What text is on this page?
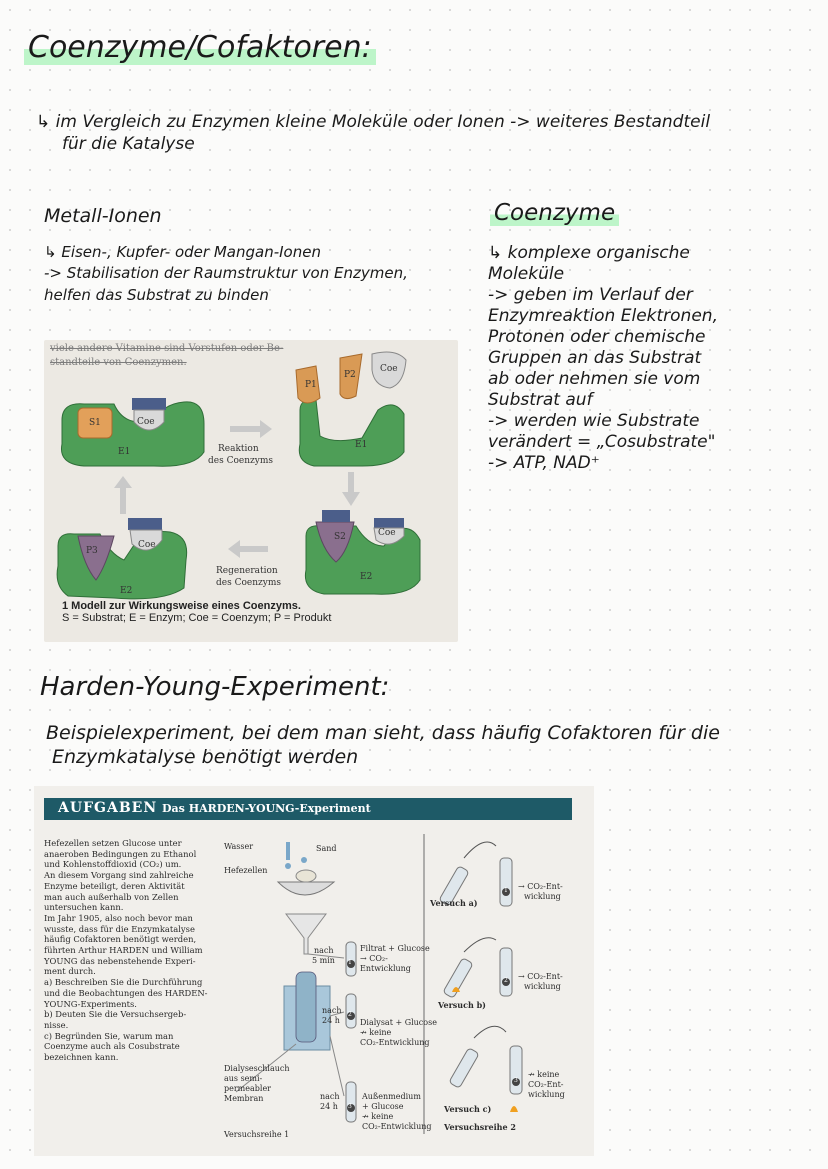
Coenzyme/Cofaktoren:
↳ im Vergleich zu Enzymen kleine Moleküle oder Ionen -> weiteres Bestandteil
für die Katalyse
Metall-Ionen
↳ Eisen-, Kupfer- oder Mangan-Ionen
-> Stabilisation der Raumstruktur von Enzymen,
helfen das Substrat zu binden
Coenzyme
↳ komplexe organische
Moleküle
-> geben im Verlauf der
Enzymreaktion Elektronen,
Protonen oder chemische
Gruppen an das Substrat
ab oder nehmen sie vom
Substrat auf
-> werden wie Substrate
verändert = „Cosubstrate"
-> ATP, NAD⁺
viele andere Vitamine sind Vorstufen oder Be-
standteile von Coenzymen.
S1	Coe
E1
P1
P2
Coe
E1
Reaktion
des Coenzyms
P3
Coe
E2
S2	Coe
E2
Regeneration
des Coenzyms
1 Modell zur Wirkungsweise eines Coenzyms.
S = Substrat; E = Enzym; Coe = Coenzym; P = Produkt
Harden-Young-Experiment:
Beispielexperiment, bei dem man sieht, dass häufig Cofaktoren für die
Enzymkatalyse benötigt werden
AUFGABEN Das HARDEN-YOUNG-Experiment
Hefezellen setzen Glucose unter
anaeroben Bedingungen zu Ethanol
und Kohlenstoffdioxid (CO₂) um.
An diesem Vorgang sind zahlreiche
Enzyme beteiligt, deren Aktivität
man auch außerhalb von Zellen
untersuchen kann.
Im Jahr 1905, also noch bevor man
wusste, dass für die Enzymkatalyse
häufig Cofaktoren benötigt werden,
führten Arthur HARDEN und William
YOUNG das nebenstehende Experi-
ment durch.
a) Beschreiben Sie die Durchführung
und die Beobachtungen des HARDEN-
YOUNG-Experiments.
b) Deuten Sie die Versuchsergeb-
nisse.
c) Begründen Sie, warum man
Coenzyme auch als Cosubstrate
bezeichnen kann.
Wasser	Sand
Hefezellen
nach
5 min
Filtrat + Glucose
→ CO₂-
Entwicklung
nach
24 h	Dialysat + Glucose
↛ keine
CO₂-Entwicklung
Dialyseschlauch
aus semi-
permeabler
Membran	nach
24 h
Außenmedium
+ Glucose
↛ keine
CO₂-Entwicklung
Versuchsreihe 1
Versuch a)
Versuch b)
Versuch c)
Versuchsreihe 2
→ CO₂-Ent-
wicklung
→ CO₂-Ent-
wicklung
↛ keine
CO₂-Ent-
wicklung
1
2
3
1
2
3
